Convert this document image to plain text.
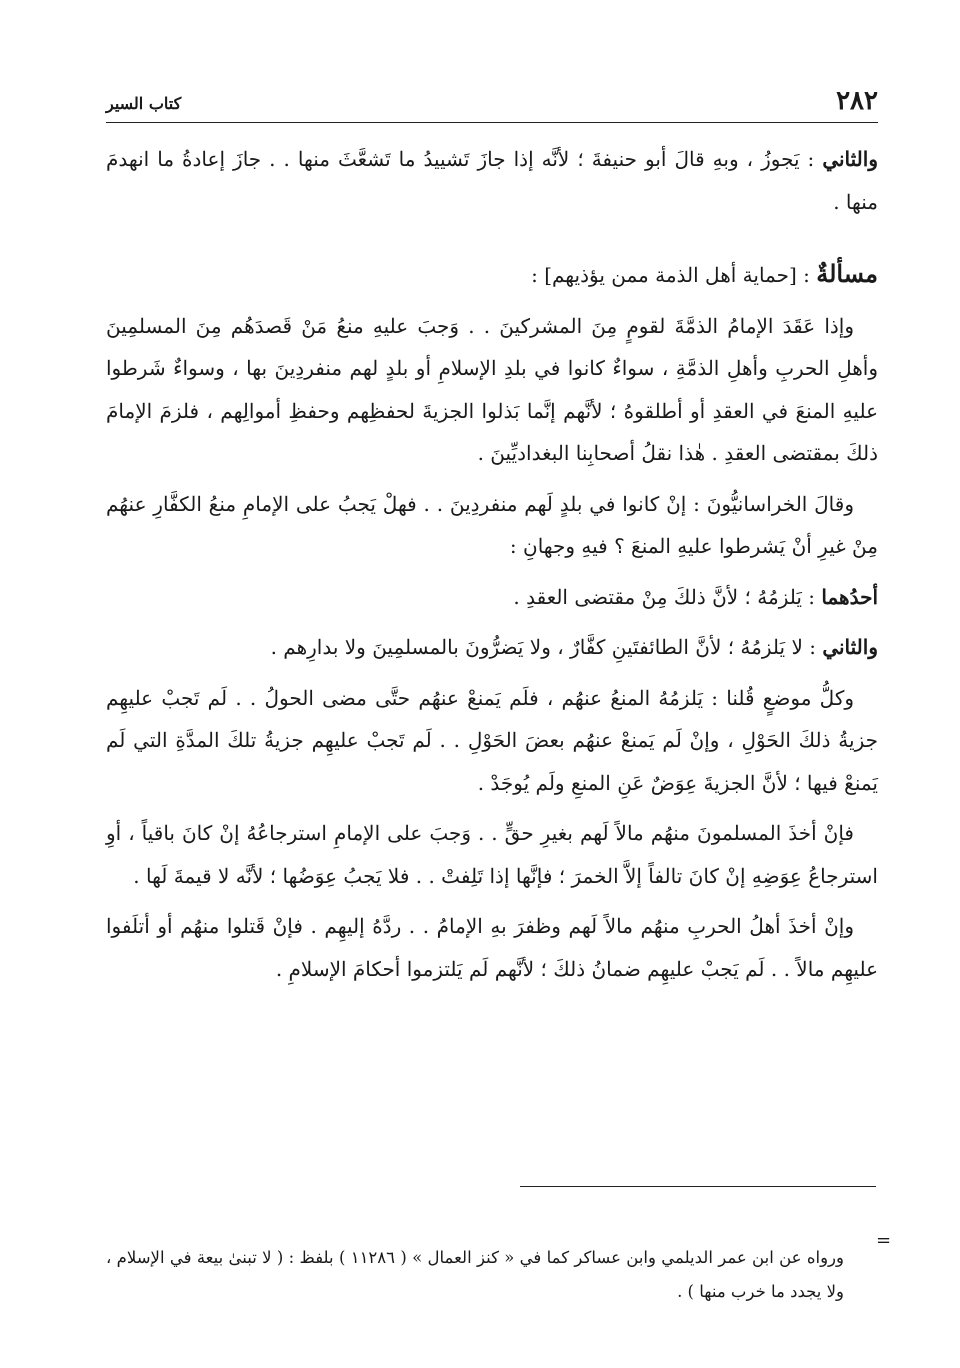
٢٨٢
كتاب السير

والثاني : يَجوزُ ، وبهِ قالَ أبو حنيفةَ ؛ لأنَّه إذا جازَ تَشييدُ ما تَشعَّثَ منها . . جازَ إعادةُ ما انهدمَ منها .

مسألةٌ : [حماية أهل الذمة ممن يؤذيهم] :

وإذا عَقَدَ الإمامُ الذمَّةَ لقومٍ مِنَ المشركينَ . . وَجبَ عليهِ منعُ مَنْ قَصدَهُم مِنَ المسلمِينَ وأهلِ الحربِ وأهلِ الذمَّةِ ، سواءٌ كانوا في بلدِ الإسلامِ أو بلدٍ لهم منفردِينَ بها ، وسواءٌ شَرطوا عليهِ المنعَ في العقدِ أو أطلقوهُ ؛ لأنَّهم إنَّما بَذلوا الجزيةَ لحفظِهم وحفظِ أموالِهم ، فلزمَ الإمامَ ذلكَ بمقتضى العقدِ . هٰذا نقلُ أصحابِنا البغداديِّينَ .

وقالَ الخراسانيُّونَ : إنْ كانوا في بلدٍ لَهم منفردِينَ . . فهلْ يَجبُ على الإمامِ منعُ الكفَّارِ عنهُم مِنْ غيرِ أنْ يَشرطوا عليهِ المنعَ ؟ فيهِ وجهانِ :

أحدُهما : يَلزمُهُ ؛ لأنَّ ذلكَ مِنْ مقتضى العقدِ .

والثاني : لا يَلزمُهُ ؛ لأنَّ الطائفتَينِ كفَّارٌ ، ولا يَضرُّونَ بالمسلمِينَ ولا بدارِهم .

وكلُّ موضعٍ قُلنا : يَلزمُهُ المنعُ عنهُم ، فلَم يَمنعْ عنهُم حتَّى مضى الحولُ . . لَم تَجبْ عليهِم جزيةُ ذلكَ الحَوْلِ ، وإنْ لَم يَمنعْ عنهُم بعضَ الحَوْلِ . . لَم تَجبْ عليهِم جزيةُ تلكَ المدَّةِ التي لَم يَمنعْ فيها ؛ لأنَّ الجزيةَ عِوَضٌ عَنِ المنعِ ولَم يُوجَدْ .

فإنْ أخذَ المسلمونَ منهُم مالاً لَهم بغيرِ حقٍّ . . وَجبَ على الإمامِ استرجاعُهُ إنْ كانَ باقياً ، أوِ استرجاعُ عِوَضِهِ إنْ كانَ تالفاً إلاَّ الخمرَ ؛ فإنَّها إذا تَلِفتْ . . فلا يَجبُ عِوَضُها ؛ لأنَّه لا قيمةَ لَها .

وإنْ أخذَ أهلُ الحربِ منهُم مالاً لَهم وظفرَ بهِ الإمامُ . . ردَّهُ إليهِم . فإنْ قَتلوا منهُم أو أتلَفوا عليهِم مالاً . . لَم يَجبْ عليهِم ضمانُ ذلكَ ؛ لأنَّهم لَم يَلتزموا أحكامَ الإسلامِ .

=

ورواه عن ابن عمر الديلمي وابن عساكر كما في « كنز العمال » ( ١١٢٨٦ ) بلفظ : ( لا تبنىٰ بيعة في الإسلام ، ولا يجدد ما خرب منها ) .
